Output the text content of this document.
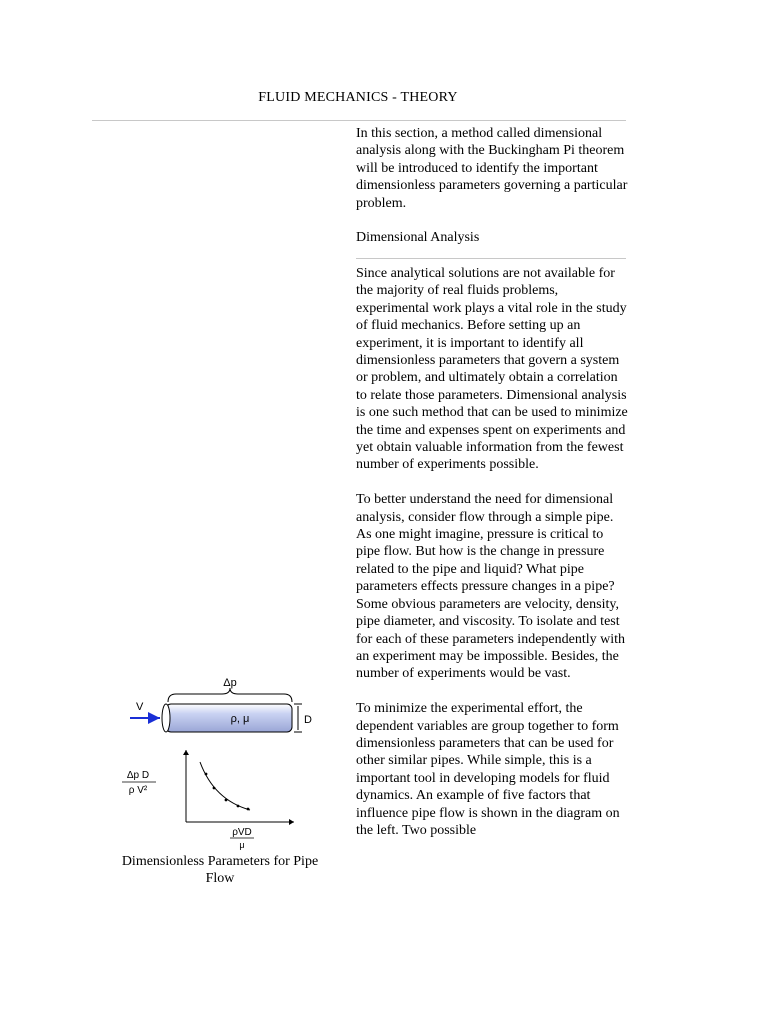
FLUID MECHANICS - THEORY

In this section, a method called dimensional analysis along with the Buckingham Pi theorem will be introduced to identify the important dimensionless parameters governing a particular problem.

Dimensional Analysis

Since analytical solutions are not available for the majority of real fluids problems, experimental work plays a vital role in the study of fluid mechanics. Before setting up an experiment, it is important to identify all dimensionless parameters that govern a system or problem, and ultimately obtain a correlation to relate those parameters. Dimensional analysis is one such method that can be used to minimize the time and expenses spent on experiments and yet obtain valuable information from the fewest number of experiments possible.

To better understand the need for dimensional analysis, consider flow through a simple pipe. As one might imagine, pressure is critical to pipe flow. But how is the change in pressure related to the pipe and liquid? What pipe parameters effects pressure changes in a pipe? Some obvious parameters are velocity, density, pipe diameter, and viscosity. To isolate and test for each of these parameters independently with an experiment may be impossible. Besides, the number of experiments would be vast.

To minimize the experimental effort, the dependent variables are group together to form dimensionless parameters that can be used for other similar pipes. While simple, this is a important tool in developing models for fluid dynamics. An example of five factors that influence pipe flow is shown in the diagram on the left. Two possible

Δp
V
ρ, μ	D
Δp D
ρ V²
ρVD
μ
Dimensionless Parameters for Pipe Flow
